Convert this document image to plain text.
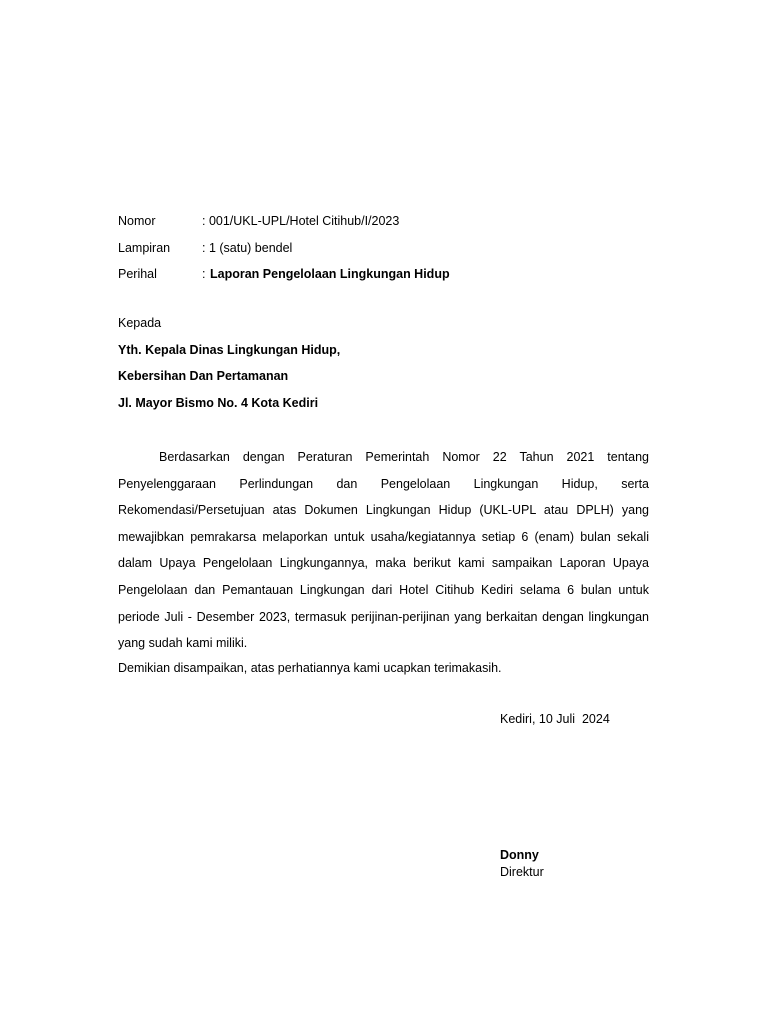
Nomor	: 001/UKL-UPL/Hotel Citihub/I/2023
Lampiran	: 1 (satu) bendel
Perihal	: Laporan Pengelolaan Lingkungan Hidup
Kepada
Yth. Kepala Dinas Lingkungan Hidup,
Kebersihan Dan Pertamanan
Jl. Mayor Bismo No. 4 Kota Kediri

Berdasarkan dengan Peraturan Pemerintah Nomor 22 Tahun 2021 tentang Penyelenggaraan Perlindungan dan Pengelolaan Lingkungan Hidup, serta Rekomendasi/Persetujuan atas Dokumen Lingkungan Hidup (UKL-UPL atau DPLH) yang mewajibkan pemrakarsa melaporkan untuk usaha/kegiatannya setiap 6 (enam) bulan sekali dalam Upaya Pengelolaan Lingkungannya, maka berikut kami sampaikan Laporan Upaya Pengelolaan dan Pemantauan Lingkungan dari Hotel Citihub Kediri selama 6 bulan untuk periode Juli - Desember 2023, termasuk perijinan-perijinan yang berkaitan dengan lingkungan yang sudah kami miliki.

Demikian disampaikan, atas perhatiannya kami ucapkan terimakasih.
Kediri, 10 Juli  2024
Donny
Direktur
